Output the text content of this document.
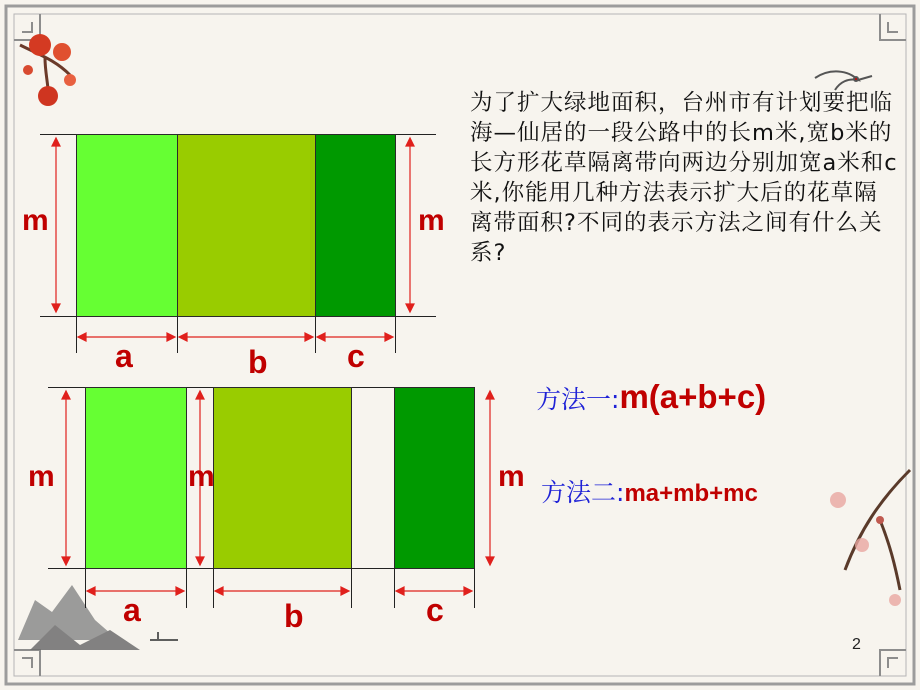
m	m
a	b c
m	m	m
a	b	c
为了扩大绿地面积，台州市有计划要把临海—仙居的一段公路中的长m米,宽b米的长方形花草隔离带向两边分别加宽a米和c米,你能用几种方法表示扩大后的花草隔离带面积?不同的表示方法之间有什么关系?
方法一:m(a+b+c)
方法二:ma+mb+mc
2
